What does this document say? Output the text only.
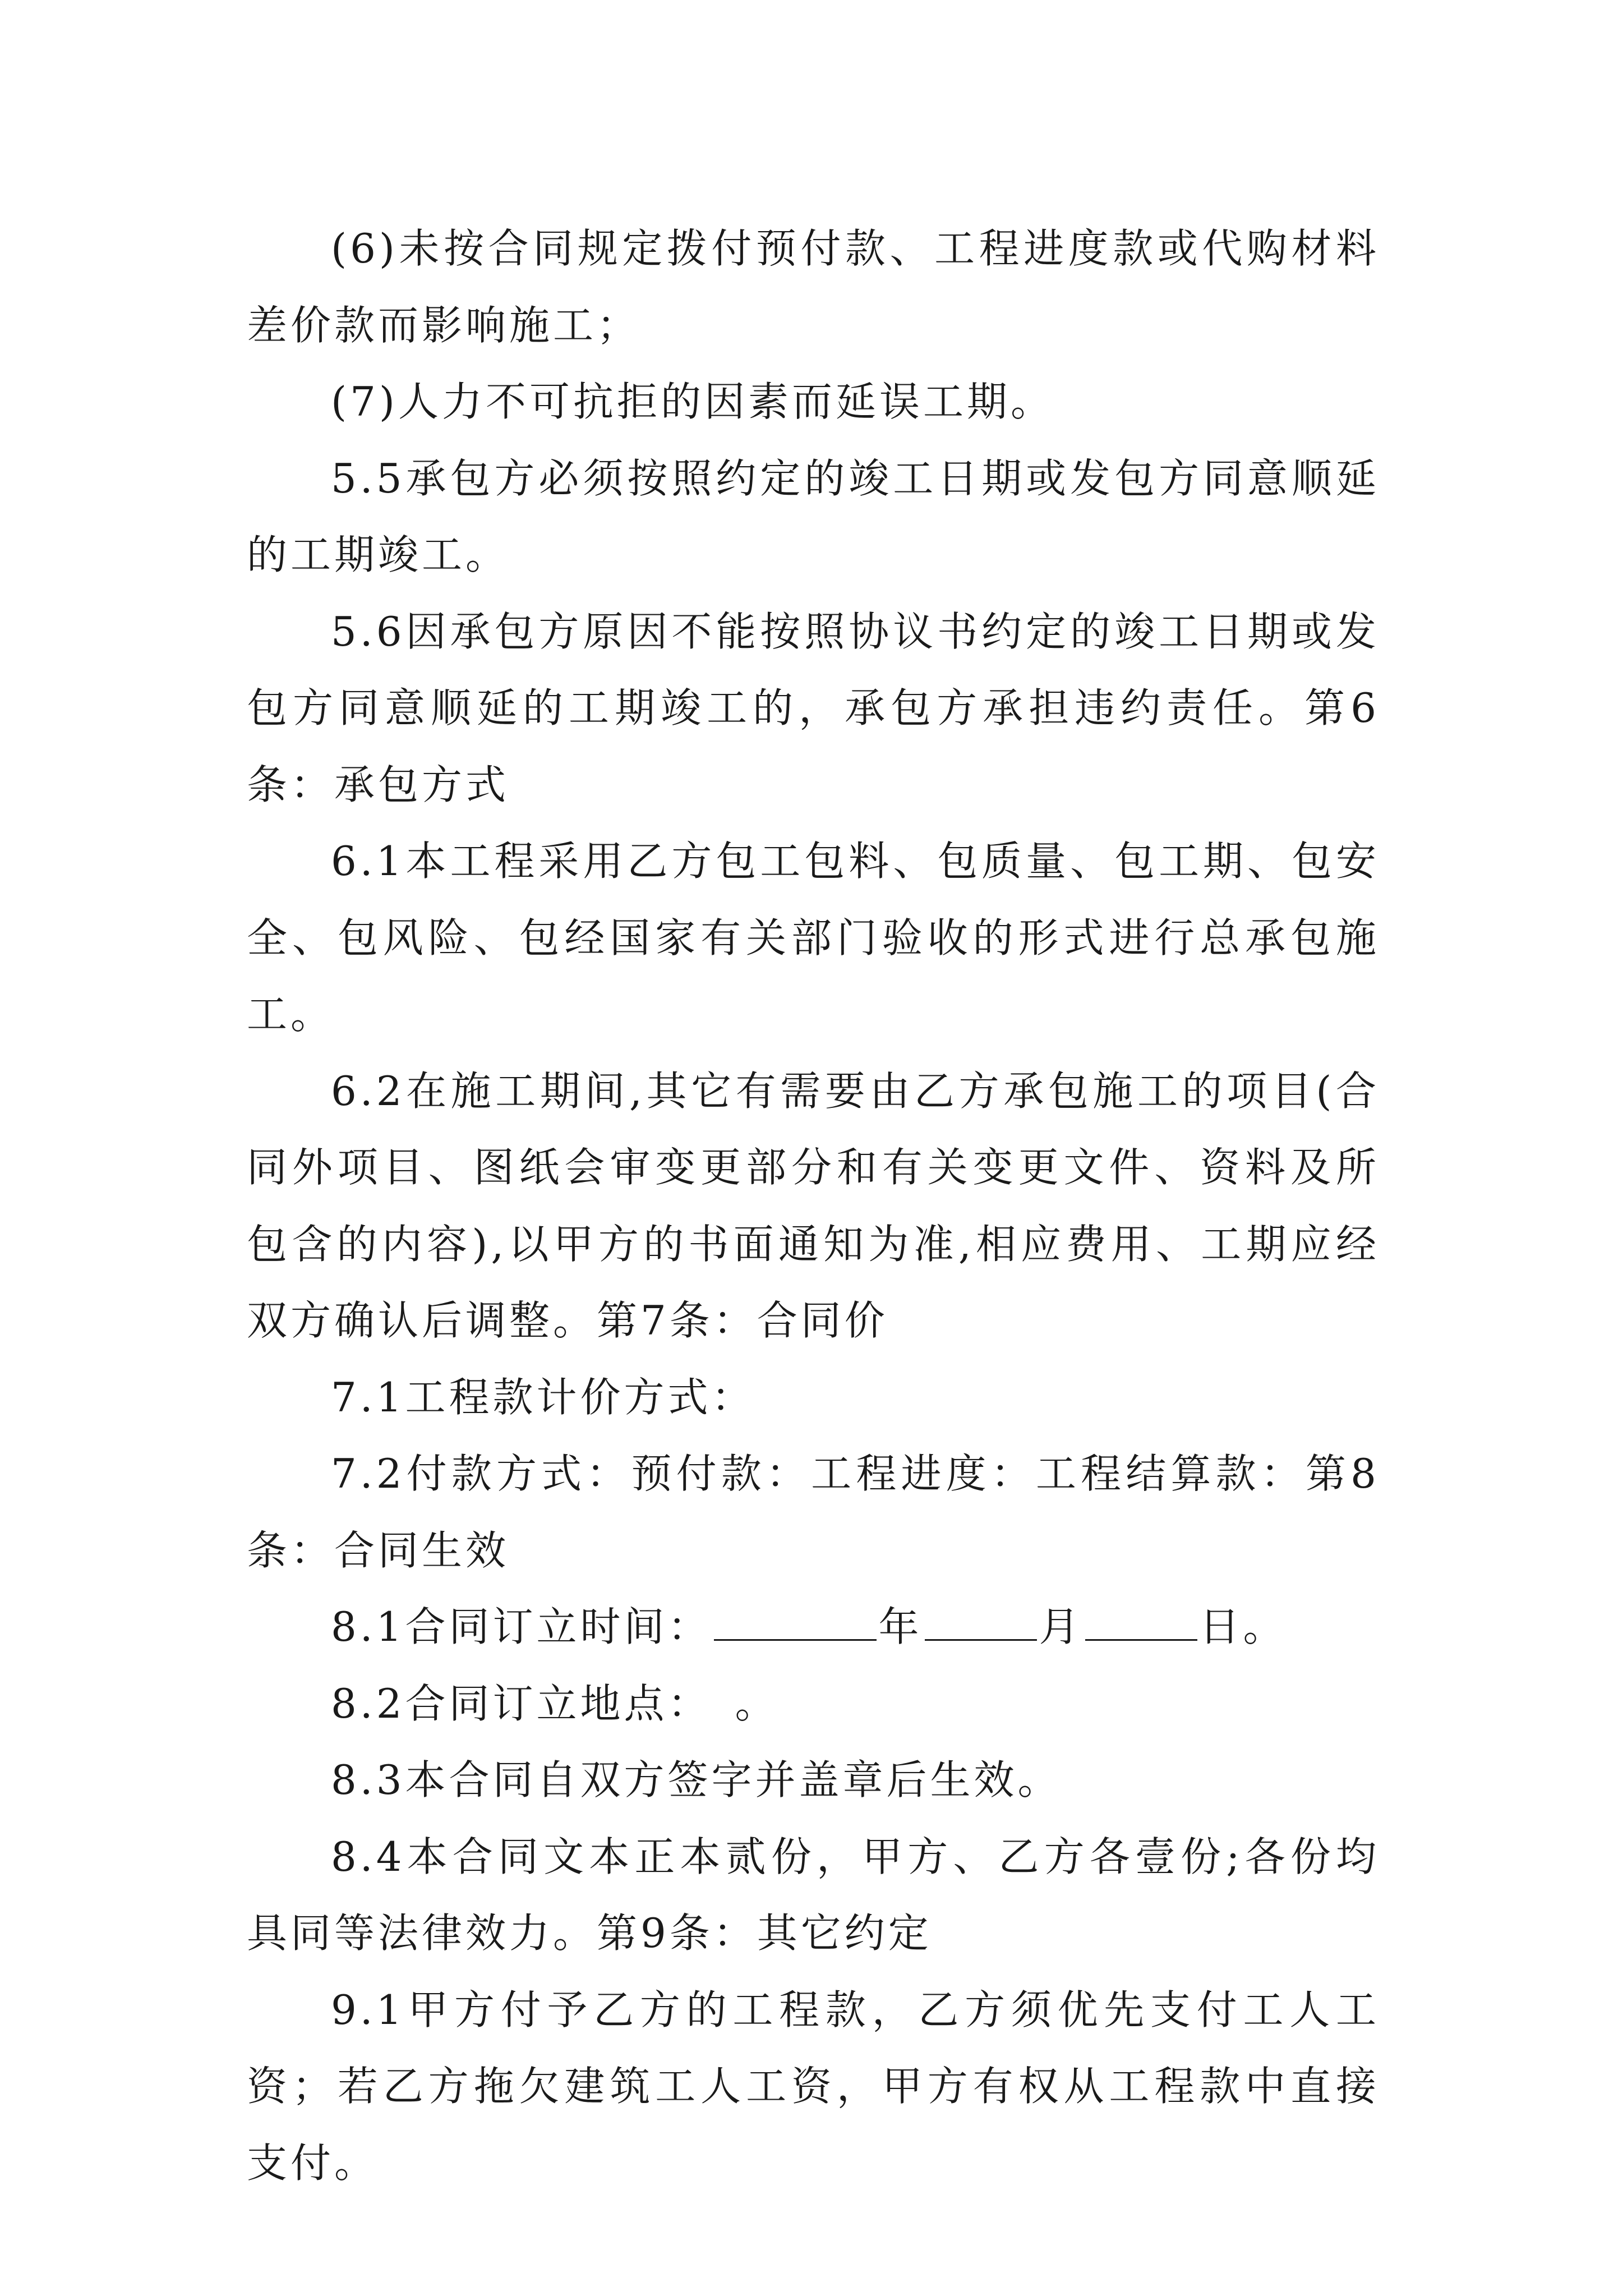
(6)未按合同规定拨付预付款、工程进度款或代购材料差价款而影响施工；

(7)人力不可抗拒的因素而延误工期。

5.5承包方必须按照约定的竣工日期或发包方同意顺延的工期竣工。

5.6因承包方原因不能按照协议书约定的竣工日期或发包方同意顺延的工期竣工的，承包方承担违约责任。第6条：承包方式

6.1本工程采用乙方包工包料、包质量、包工期、包安全、包风险、包经国家有关部门验收的形式进行总承包施工。

6.2在施工期间,其它有需要由乙方承包施工的项目(合同外项目、图纸会审变更部分和有关变更文件、资料及所包含的内容),以甲方的书面通知为准,相应费用、工期应经双方确认后调整。第7条：合同价

7.1工程款计价方式：

7.2付款方式：预付款：工程进度：工程结算款：第8条：合同生效

8.1合同订立时间：	年	月	日。

8.2合同订立地点：　。

8.3本合同自双方签字并盖章后生效。

8.4本合同文本正本贰份，甲方、乙方各壹份;各份均具同等法律效力。第9条：其它约定

9.1甲方付予乙方的工程款，乙方须优先支付工人工资；若乙方拖欠建筑工人工资，甲方有权从工程款中直接支付。
